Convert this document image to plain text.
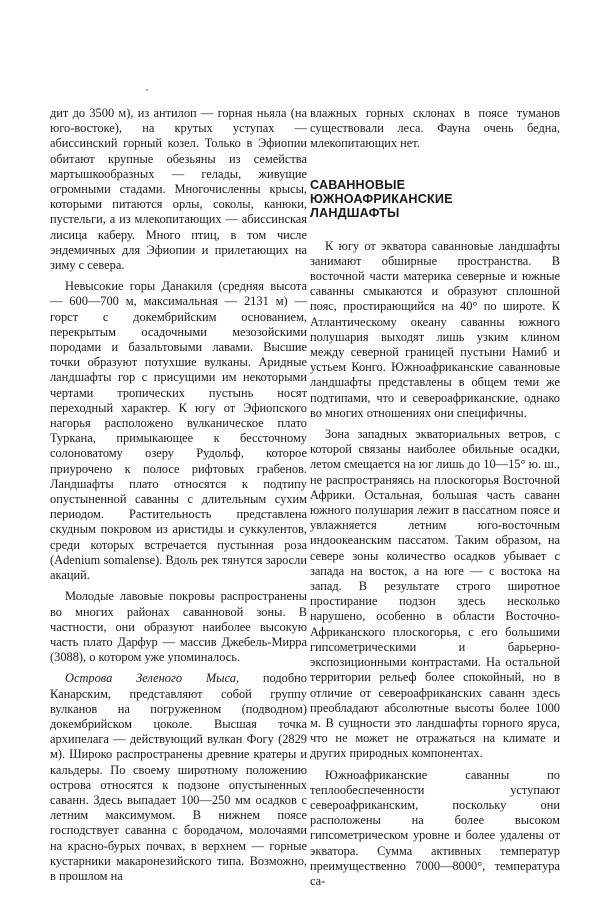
дит до 3500 м), из антилоп — горная ньяла (на юго-востоке), на крутых уступах — абиссинский горный козел. Только в Эфиопии обитают крупные обезьяны из семейства мартышкообразных — гелады, живущие огромными стадами. Многочисленны крысы, которыми питаются орлы, соколы, канюки, пустельги, а из млекопитающих — абиссинская лисица каберу. Много птиц, в том числе эндемичных для Эфиопии и прилетающих на зиму с севера.

Невысокие горы Данакиля (средняя высота — 600—700 м, максимальная — 2131 м) — горст с докембрийским основанием, перекрытым осадочными мезозойскими породами и базальтовыми лавами. Высшие точки образуют потухшие вулканы. Аридные ландшафты гор с присущими им некоторыми чертами тропических пустынь носят переходный характер. К югу от Эфиопского нагорья расположено вулканическое плато Турканa, примыкающее к бессточному солоноватому озеру Рудольф, которое приурочено к полосе рифтовых грабенов. Ландшафты плато относятся к подтипу опустыненной саванны с длительным сухим периодом. Растительность представлена скудным покровом из аристиды и суккулентов, среди которых встречается пустынная роза (Adenium somalense). Вдоль рек тянутся заросли акаций.

Молодые лавовые покровы распространены во многих районах саванновой зоны. В частности, они образуют наиболее высокую часть плато Дарфур — массив Джебель-Мирра (3088), о котором уже упоминалось.

Острова Зеленого Мыса, подобно Канарским, представляют собой группу вулканов на погруженном (подводном) докембрийском цоколе. Высшая точка архипелага — действующий вулкан Фогу (2829 м). Широко распространены древние кратеры и кальдеры. По своему широтному положению острова относятся к подзоне опустыненных саванн. Здесь выпадает 100—250 мм осадков с летним максимумом. В нижнем поясе господствует саванна с бородачом, молочаями на красно-бурых почвах, в верхнем — горные кустарники макаронезийского типа. Возможно, в прошлом на

влажных горных склонах в поясе туманов существовали леса. Фауна очень бедна, млекопитающих нет.

САВАННОВЫЕ
ЮЖНОАФРИКАНСКИЕ
ЛАНДШАФТЫ

К югу от экватора саванновые ландшафты занимают обширные пространства. В восточной части материка северные и южные саванны смыкаются и образуют сплошной пояс, простирающийся на 40° по широте. К Атлантическому океану саванны южного полушария выходят лишь узким клином между северной границей пустыни Намиб и устьем Конго. Южноафриканские саванновые ландшафты представлены в общем теми же подтипами, что и североафриканские, однако во многих отношениях они специфичны.

Зона западных экваториальных ветров, с которой связаны наиболее обильные осадки, летом смещается на юг лишь до 10—15° ю. ш., не распространяясь на плоскогорья Восточной Африки. Остальная, большая часть саванн южного полушария лежит в пассатном поясе и увлажняется летним юго-восточным индоокеанским пассатом. Таким образом, на севере зоны количество осадков убывает с запада на восток, а на юге — с востока на запад. В результате строго широтное простирание подзон здесь несколько нарушено, особенно в области Восточно-Африканского плоскогорья, с его большими гипсометрическими и барьерно-экспозиционными контрастами. На остальной территории рельеф более спокойный, но в отличие от североафриканских саванн здесь преобладают абсолютные высоты более 1000 м. В сущности это ландшафты горного яруса, что не может не отражаться на климате и других природных компонентах.

Южноафриканские саванны по теплообеспеченности уступают североафриканским, поскольку они расположены на более высоком гипсометрическом уровне и более удалены от экватора. Сумма активных температур преимущественно 7000—8000°, температура са-
